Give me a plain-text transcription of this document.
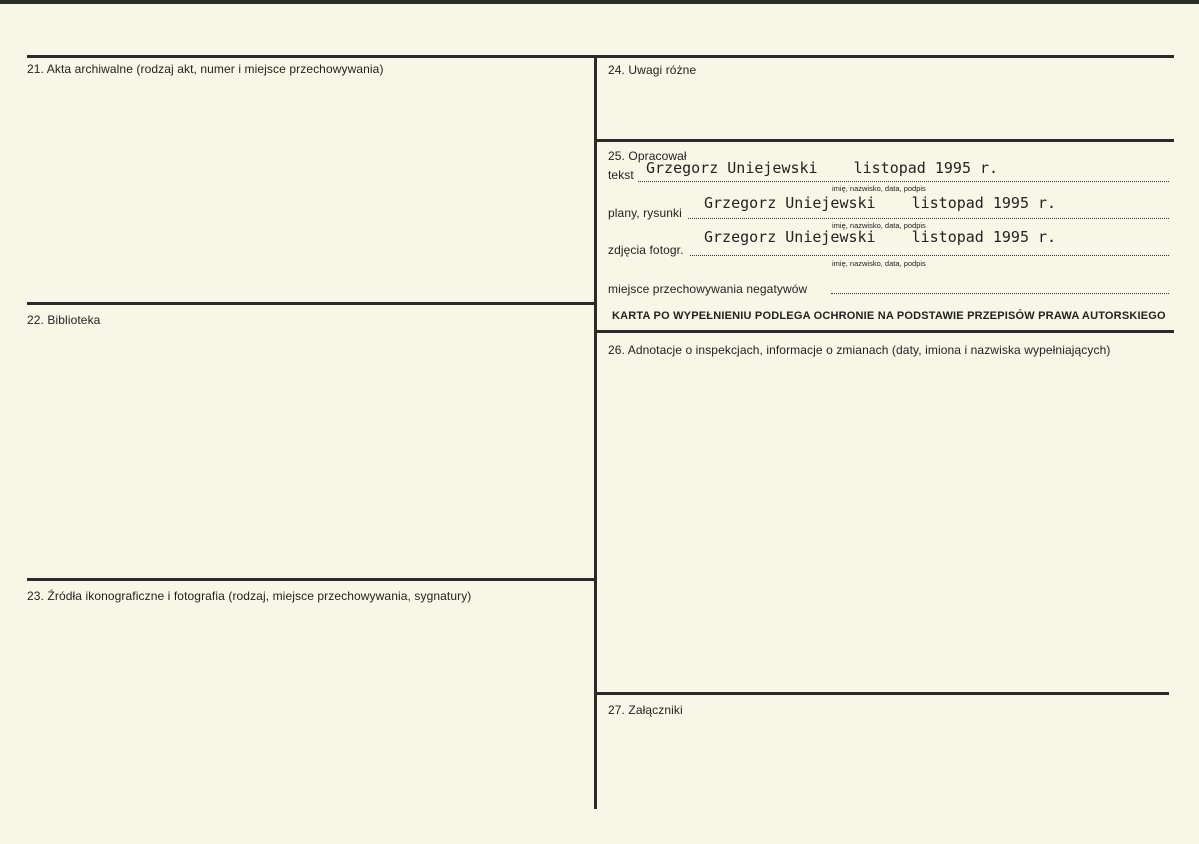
21. Akta archiwalne (rodzaj akt, numer i miejsce przechowywania)
22. Biblioteka
23. Źródła ikonograficzne i fotografia (rodzaj, miejsce przechowywania, sygnatury)
24. Uwagi różne
25. Opracował
tekst Grzegorz Uniejewski listopad 1995 r.
imię, nazwisko, data, podpis
plany, rysunki
Grzegorz Uniejewski listopad 1995 r.
imię, nazwisko, data, podpis
zdjęcia fotogr.
Grzegorz Uniejewski listopad 1995 r.
imię, nazwisko, data, podpis
miejsce przechowywania negatywów
KARTA PO WYPEŁNIENIU PODLEGA OCHRONIE NA PODSTAWIE PRZEPISÓW PRAWA AUTORSKIEGO
26. Adnotacje o inspekcjach, informacje o zmianach (daty, imiona i nazwiska wypełniających)
27. Załączniki
